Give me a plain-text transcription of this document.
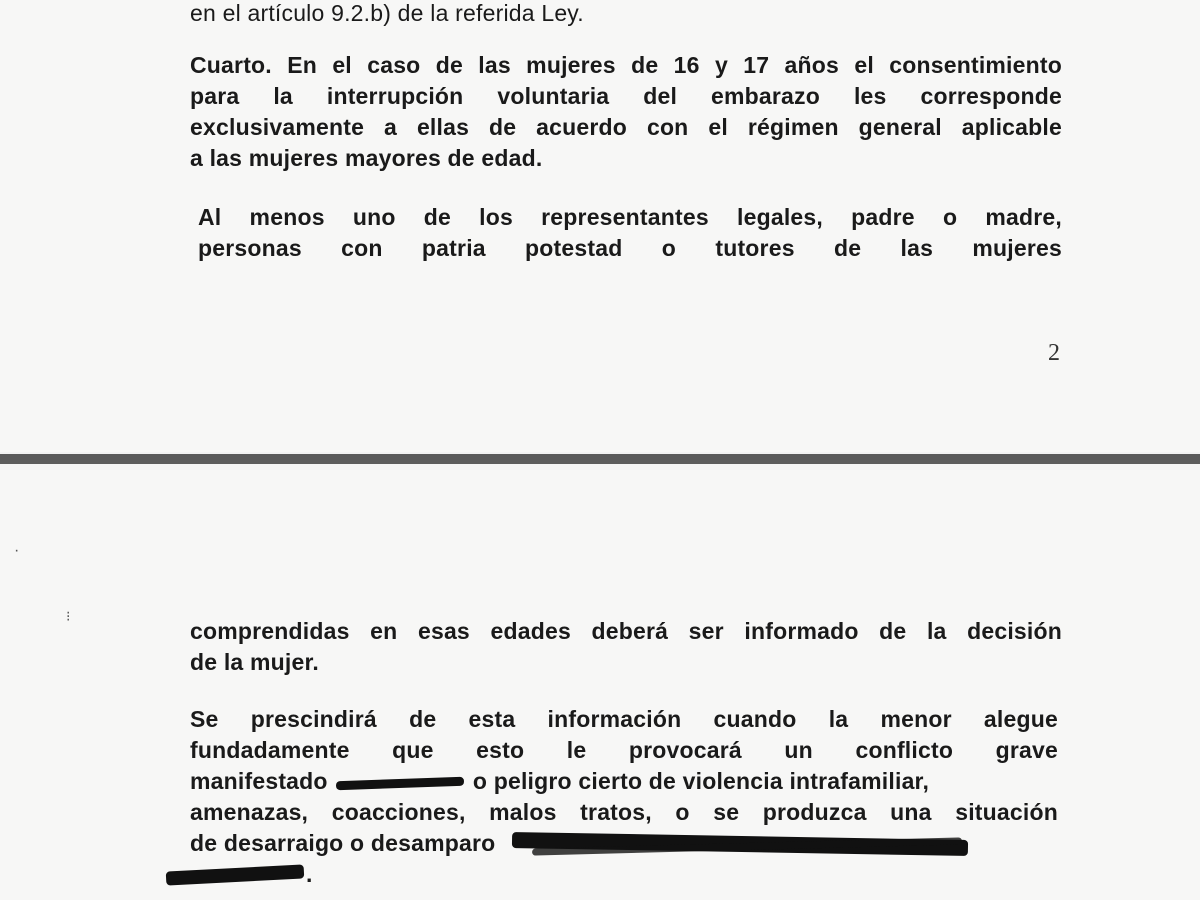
en el artículo 9.2.b) de la referida Ley.
Cuarto. En el caso de las mujeres de 16 y 17 años el consentimiento
para la interrupción voluntaria del embarazo les corresponde
exclusivamente a ellas de acuerdo con el régimen general aplicable
a las mujeres mayores de edad.
Al menos uno de los representantes legales, padre o madre,
personas con patria potestad o tutores de las mujeres
2
·
⁝
comprendidas en esas edades deberá ser informado de la decisión
de la mujer.
Se prescindirá de esta información cuando la menor alegue
fundadamente que esto le provocará un conflicto grave
manifestado	o peligro cierto de violencia intrafamiliar,
amenazas, coacciones, malos tratos, o se produzca una situación
de desarraigo o desamparo
.
